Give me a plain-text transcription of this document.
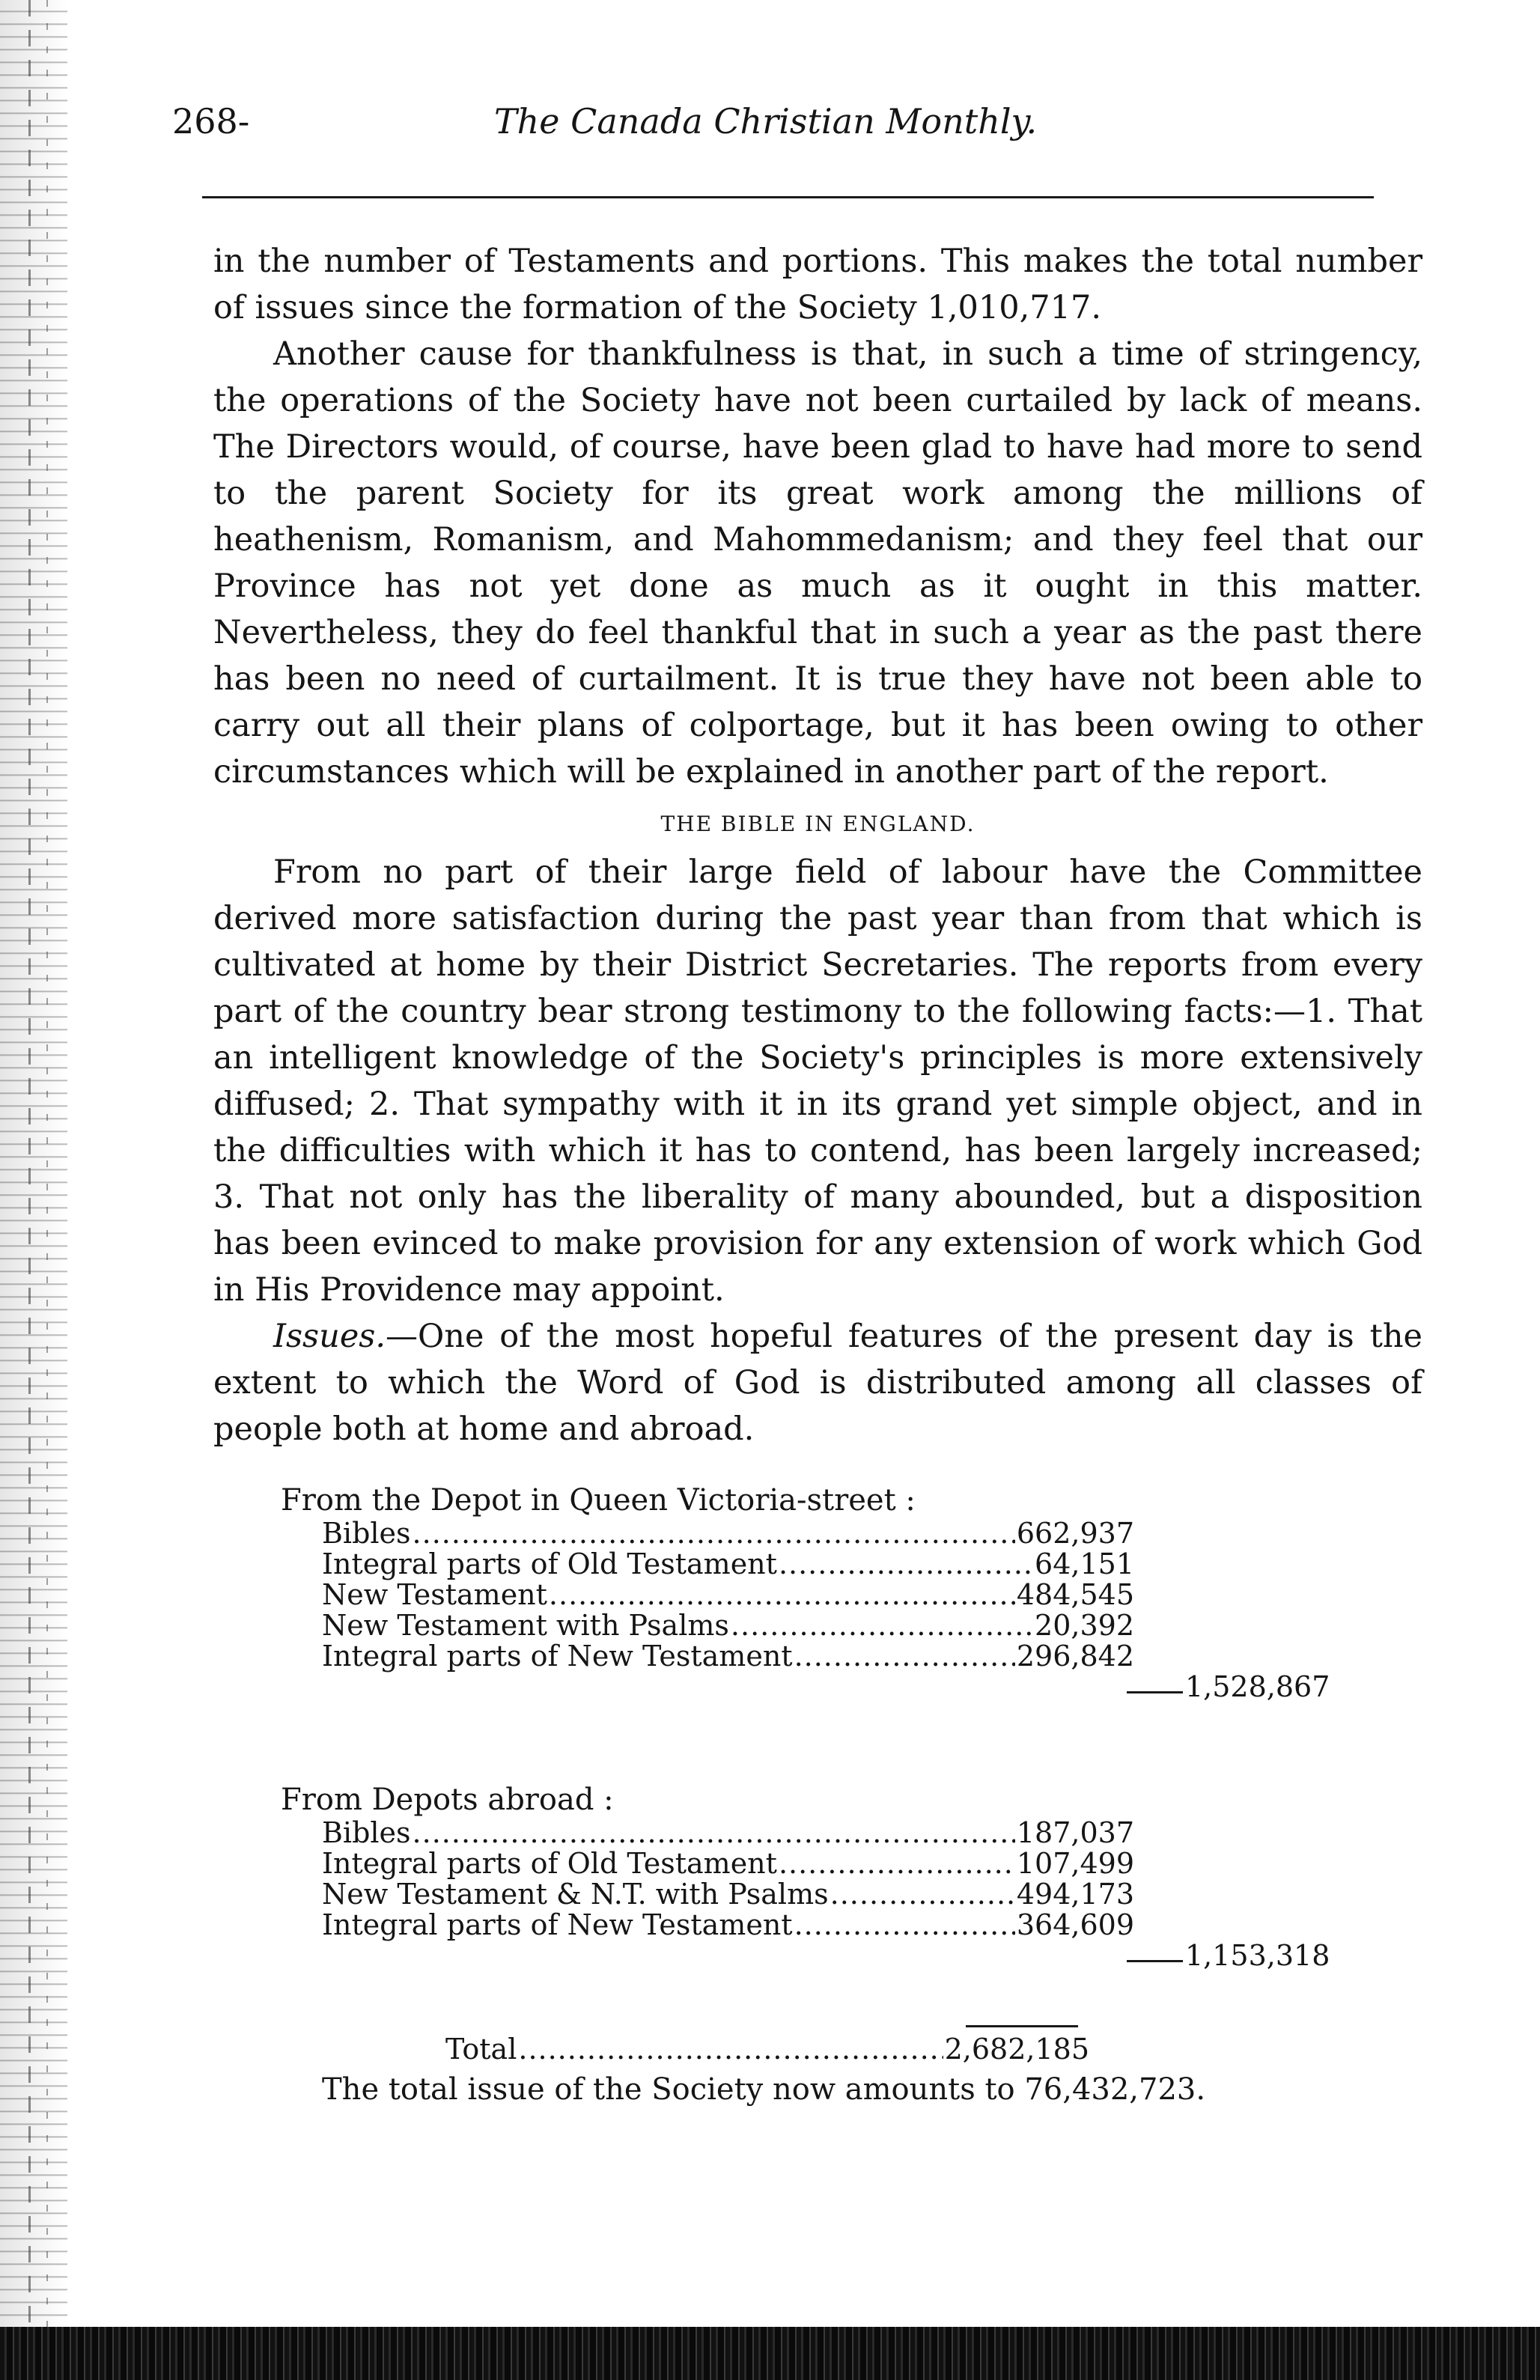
268-	The Canada Christian Monthly.

in the number of Testaments and portions. This makes the total number of issues since the formation of the Society 1,010,717.

Another cause for thankfulness is that, in such a time of stringency, the operations of the Society have not been curtailed by lack of means. The Directors would, of course, have been glad to have had more to send to the parent Society for its great work among the millions of heathenism, Romanism, and Mahommedanism; and they feel that our Province has not yet done as much as it ought in this matter. Nevertheless, they do feel thankful that in such a year as the past there has been no need of curtailment. It is true they have not been able to carry out all their plans of colportage, but it has been owing to other circumstances which will be explained in another part of the report.

THE BIBLE IN ENGLAND.

From no part of their large field of labour have the Committee derived more satisfaction during the past year than from that which is cultivated at home by their District Secretaries. The reports from every part of the country bear strong testimony to the following facts:—1. That an intelligent knowledge of the Society's principles is more extensively diffused; 2. That sympathy with it in its grand yet simple object, and in the difficulties with which it has to contend, has been largely increased; 3. That not only has the liberality of many abounded, but a disposition has been evinced to make provision for any extension of work which God in His Providence may appoint.

Issues.—One of the most hopeful features of the present day is the extent to which the Word of God is distributed among all classes of people both at home and abroad.

From the Depot in Queen Victoria-street :

Bibles .....	662,937
Integral parts of Old Testament .....	64,151
New Testament .....	484,545
New Testament with Psalms .....	20,392
Integral parts of New Testament .....	296,842
1,528,867

From Depots abroad :

Bibles .....	187,037
Integral parts of Old Testament .....	107,499
New Testament & N.T. with Psalms .....	494,173
Integral parts of New Testament .....	364,609
1,153,318
Total .....	2,682,185
The total issue of the Society now amounts to 76,432,723.
